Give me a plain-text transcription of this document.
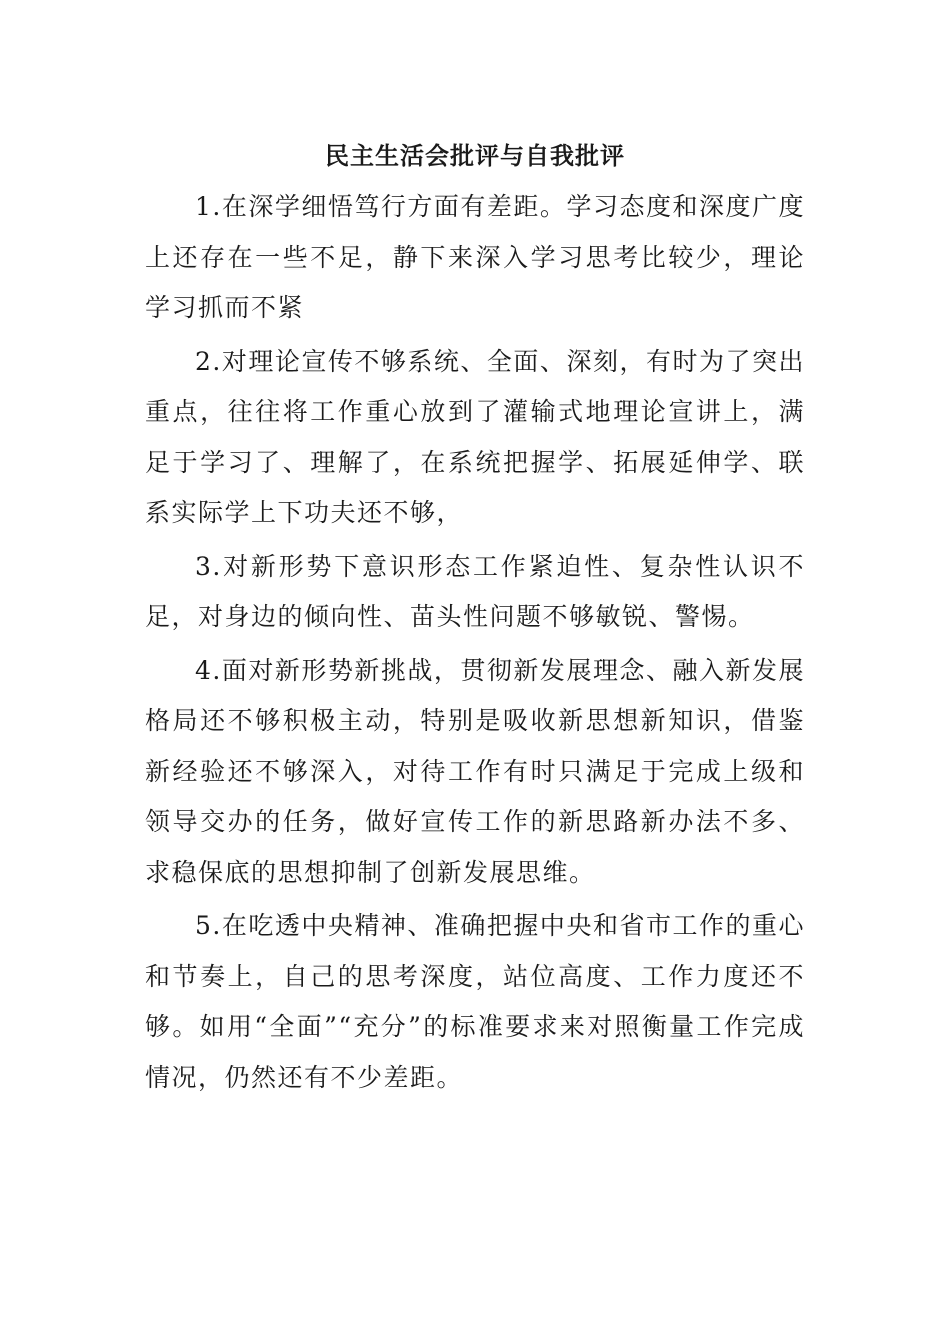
民主生活会批评与自我批评

1.在深学细悟笃行方面有差距。学习态度和深度广度上还存在一些不足，静下来深入学习思考比较少，理论学习抓而不紧

2.对理论宣传不够系统、全面、深刻，有时为了突出重点，往往将工作重心放到了灌输式地理论宣讲上，满足于学习了、理解了，在系统把握学、拓展延伸学、联系实际学上下功夫还不够，

3.对新形势下意识形态工作紧迫性、复杂性认识不足，对身边的倾向性、苗头性问题不够敏锐、警惕。

4.面对新形势新挑战，贯彻新发展理念、融入新发展格局还不够积极主动，特别是吸收新思想新知识，借鉴新经验还不够深入，对待工作有时只满足于完成上级和领导交办的任务，做好宣传工作的新思路新办法不多、求稳保底的思想抑制了创新发展思维。

5.在吃透中央精神、准确把握中央和省市工作的重心和节奏上，自己的思考深度，站位高度、工作力度还不够。如用“全面”“充分”的标准要求来对照衡量工作完成情况，仍然还有不少差距。
